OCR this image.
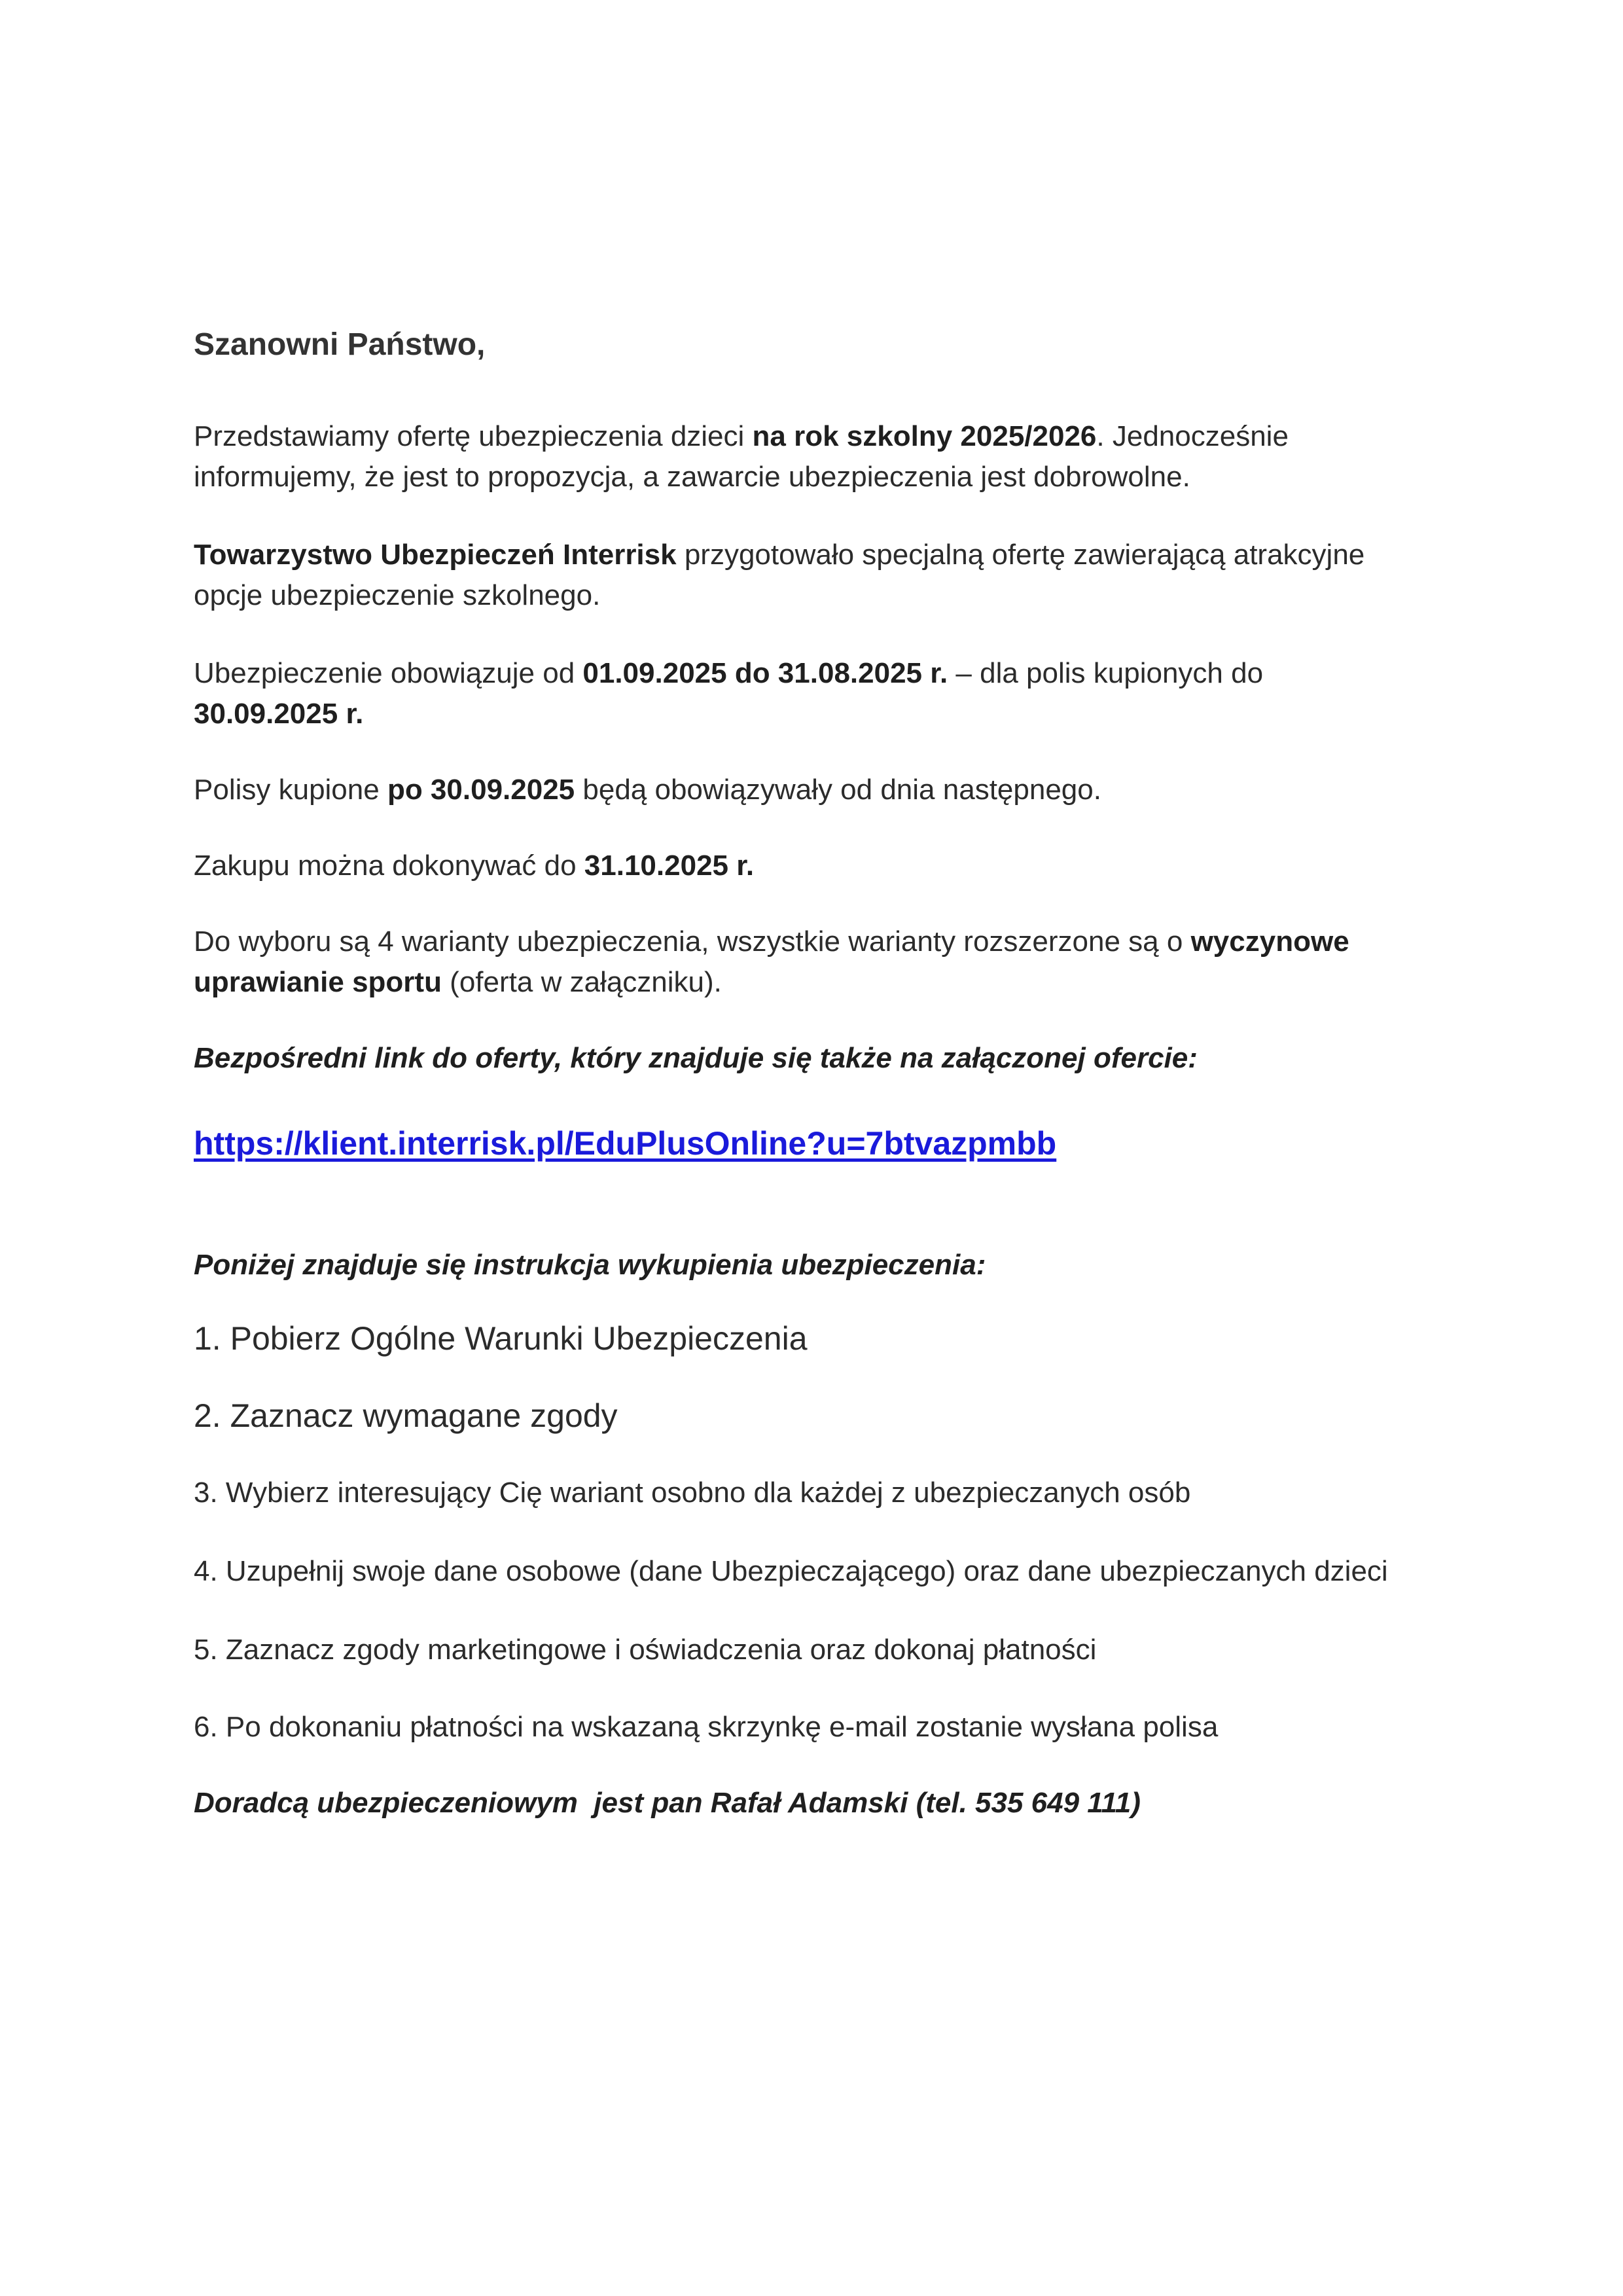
Szanowni Państwo,

Przedstawiamy ofertę ubezpieczenia dzieci na rok szkolny 2025/2026. Jednocześnie
informujemy, że jest to propozycja, a zawarcie ubezpieczenia jest dobrowolne.

Towarzystwo Ubezpieczeń Interrisk przygotowało specjalną ofertę zawierającą atrakcyjne
opcje ubezpieczenie szkolnego.

Ubezpieczenie obowiązuje od 01.09.2025 do 31.08.2025 r. – dla polis kupionych do
30.09.2025 r.

Polisy kupione po 30.09.2025 będą obowiązywały od dnia następnego.

Zakupu można dokonywać do 31.10.2025 r.

Do wyboru są 4 warianty ubezpieczenia, wszystkie warianty rozszerzone są o wyczynowe
uprawianie sportu (oferta w załączniku).

Bezpośredni link do oferty, który znajduje się także na załączonej ofercie:

https://klient.interrisk.pl/EduPlusOnline?u=7btvazpmbb

Poniżej znajduje się instrukcja wykupienia ubezpieczenia:

1. Pobierz Ogólne Warunki Ubezpieczenia
2. Zaznacz wymagane zgody
3. Wybierz interesujący Cię wariant osobno dla każdej z ubezpieczanych osób
4. Uzupełnij swoje dane osobowe (dane Ubezpieczającego) oraz dane ubezpieczanych dzieci
5. Zaznacz zgody marketingowe i oświadczenia oraz dokonaj płatności
6. Po dokonaniu płatności na wskazaną skrzynkę e-mail zostanie wysłana polisa

Doradcą ubezpieczeniowym  jest pan Rafał Adamski (tel. 535 649 111)
